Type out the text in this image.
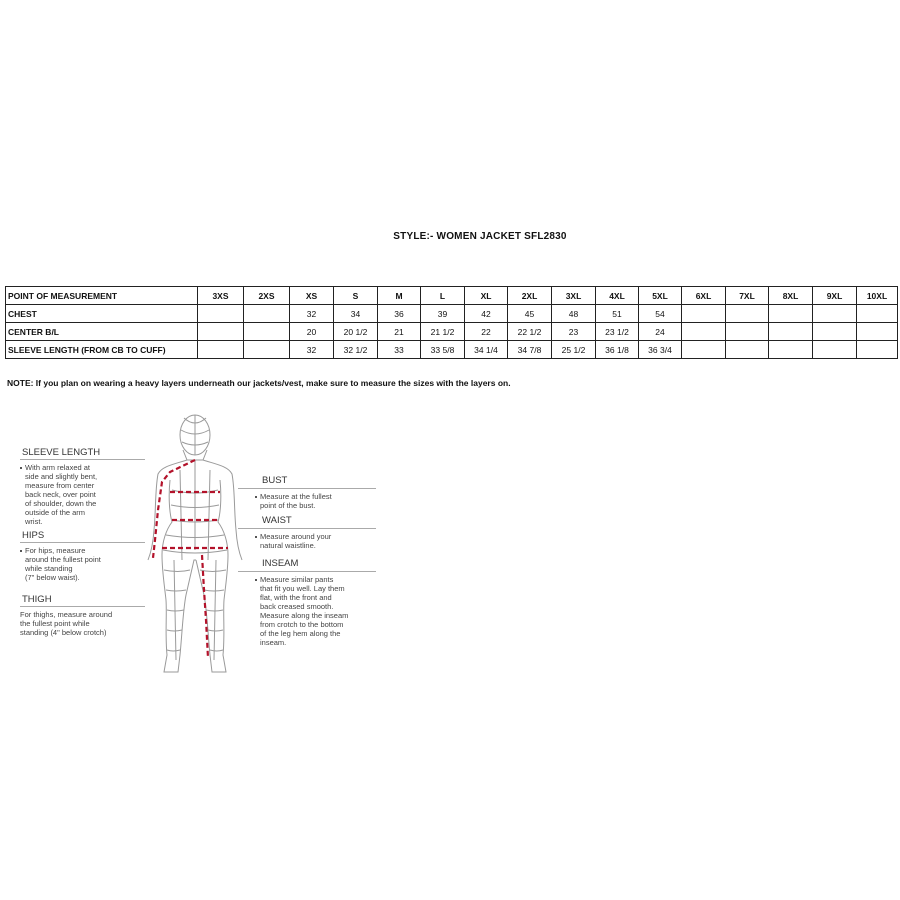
STYLE:- WOMEN JACKET SFL2830
POINT OF MEASUREMENT	3XS	2XS	XS	S	M	L	XL	2XL	3XL	4XL	5XL	6XL	7XL	8XL	9XL	10XL
CHEST			32	34	36	39	42	45	48	51	54					
CENTER B/L			20	20 1/2	21	21 1/2	22	22 1/2	23	23 1/2	24					
SLEEVE LENGTH (FROM CB TO CUFF)			32	32 1/2	33	33 5/8	34 1/4	34 7/8	25 1/2	36 1/8	36 3/4					
NOTE: If you plan on wearing a heavy layers underneath our jackets/vest, make sure to measure the sizes with the layers on.
SLEEVE LENGTH
With arm relaxed at
side and slightly bent,
measure from center
back neck, over point
of shoulder, down the
outside of the arm
wrist.
HIPS
For hips, measure
around the fullest point
while standing
(7" below waist).
THIGH
For thighs, measure around
the fullest point while
standing (4" below crotch)
BUST
Measure at the fullest
point of the bust.
WAIST
Measure around your
natural waistline.
INSEAM
Measure similar pants
that fit you well. Lay them
flat, with the front and
back creased smooth.
Measure along the inseam
from crotch to the bottom
of the leg hem along the
inseam.
